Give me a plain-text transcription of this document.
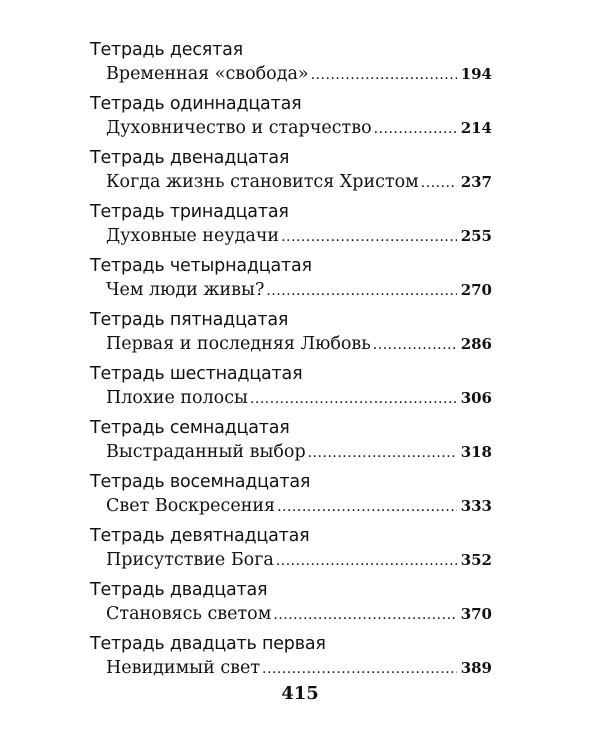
Тетрадь десятая
Временная «свобода» .....	194
Тетрадь одиннадцатая
Духовничество и старчество .....	214
Тетрадь двенадцатая
Когда жизнь становится Христом .....	237
Тетрадь тринадцатая
Духовные неудачи .....	255
Тетрадь четырнадцатая
Чем люди живы? .....	270
Тетрадь пятнадцатая
Первая и последняя Любовь .....	286
Тетрадь шестнадцатая
Плохие полосы .....	306
Тетрадь семнадцатая
Выстраданный выбор .....	318
Тетрадь восемнадцатая
Свет Воскресения .....	333
Тетрадь девятнадцатая
Присутствие Бога .....	352
Тетрадь двадцатая
Становясь светом .....	370
Тетрадь двадцать первая
Невидимый свет .....	389
415
